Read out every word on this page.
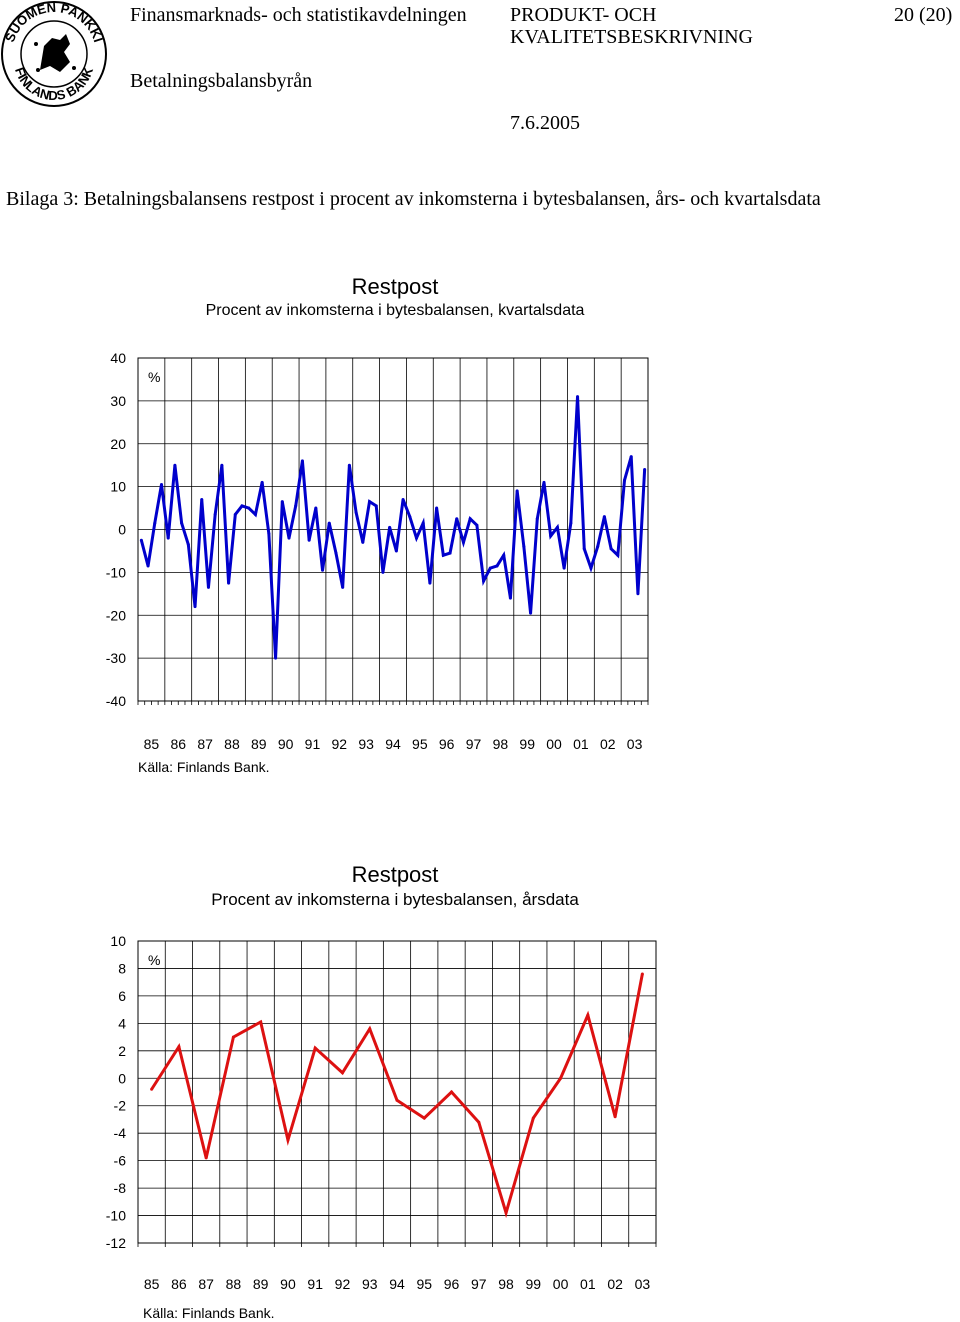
SUOMEN PANKKI
FINLANDS BANK
Finansmarknads- och statistikavdelningen PRODUKT- OCH
KVALITETSBESKRIVNING
20 (20)
Betalningsbalansbyrån
7.6.2005
Bilaga 3: Betalningsbalansens restpost i procent av inkomsterna i bytesbalansen, års- och kvartalsdata
Restpost
Procent av inkomsterna i bytesbalansen, kvartalsdata
40
30
20
10
0
-10
-20
-30
-40
85 86 87 88 89 90 91 92 93 94 95 96 97 98 99 00 01 02 03
%
Källa: Finlands Bank.
Restpost
Procent av inkomsterna i bytesbalansen, årsdata
10
8
6
4
2
0
-2
-4
-6
-8
-10
-12
85 86 87 88 89 90 91 92 93 94 95 96 97 98 99 00 01 02 03
%
Källa: Finlands Bank.
